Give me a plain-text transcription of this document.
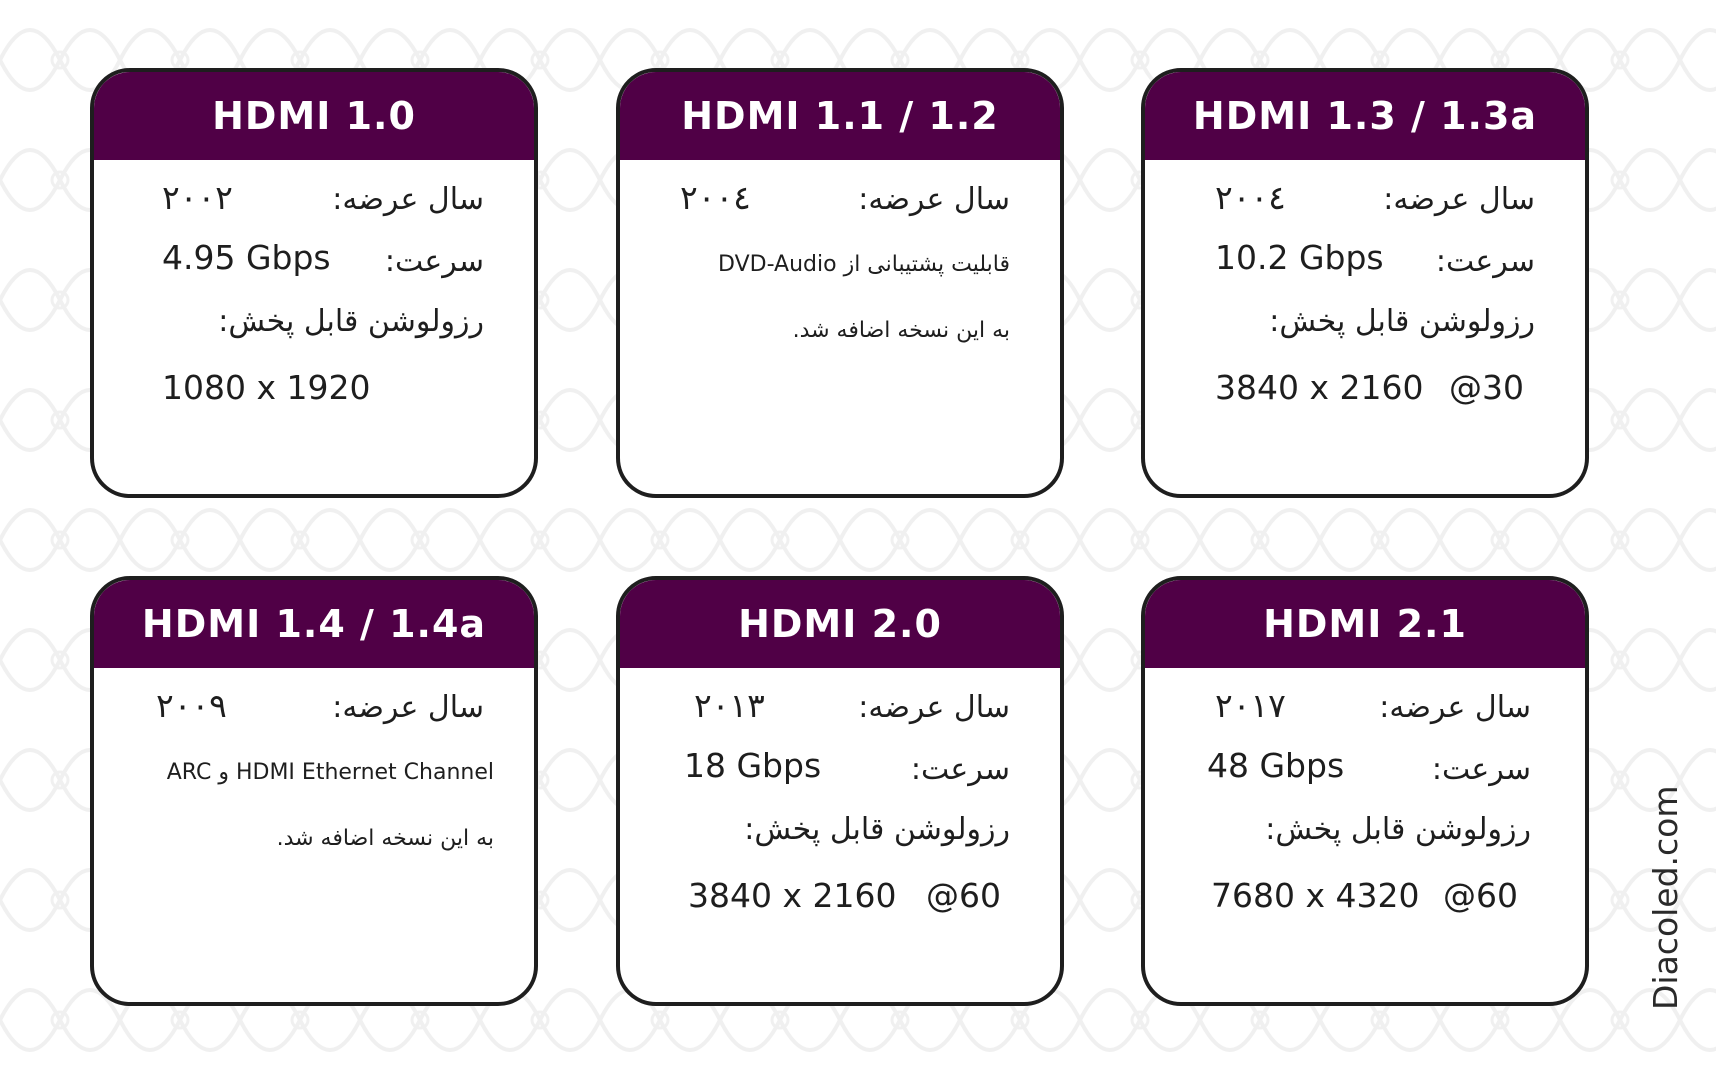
HDMI 1.0
سال عرضه:
۲۰۰۲
سرعت:
4.95 Gbps
رزولوشن قابل پخش:
1080 x 1920
HDMI 1.1 / 1.2
سال عرضه:
۲۰۰٤
قابلیت پشتیبانی از DVD-Audio
به این نسخه اضافه شد.
HDMI 1.3 / 1.3a
سال عرضه:
۲۰۰٤
سرعت:
10.2 Gbps
رزولوشن قابل پخش:
3840 x 2160 @30
HDMI 1.4 / 1.4a
سال عرضه:
۲۰۰۹
HDMI Ethernet Channel و ARC
به این نسخه اضافه شد.
HDMI 2.0
سال عرضه:
۲۰۱۳
سرعت:
18 Gbps
رزولوشن قابل پخش:
3840 x 2160 @60
HDMI 2.1
سال عرضه:
۲۰۱۷
سرعت:
48 Gbps
رزولوشن قابل پخش:
7680 x 4320 @60	Diacoled.com
